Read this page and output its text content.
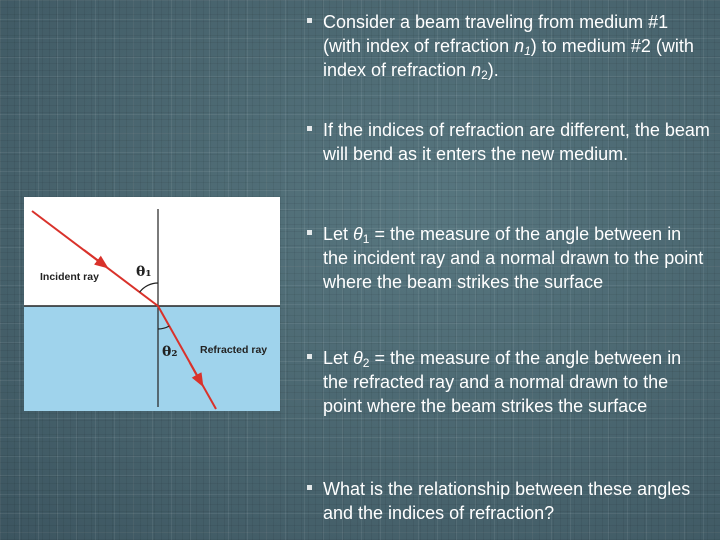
Consider a beam traveling from medium #1 (with index of refraction $n_1$) to medium #2 (with index of refraction $n_2$).
If the indices of refraction are different, the beam will bend as it enters the new medium.
Let $\theta_1$ = the measure of the angle between in the incident ray and a normal drawn to the point where the beam strikes the surface
Let $\theta_2$ = the measure of the angle between in the refracted ray and a normal drawn to the point where the beam strikes the surface
What is the relationship between these angles and the indices of refraction?
Incident ray
Refracted ray
θ₁
θ₂
